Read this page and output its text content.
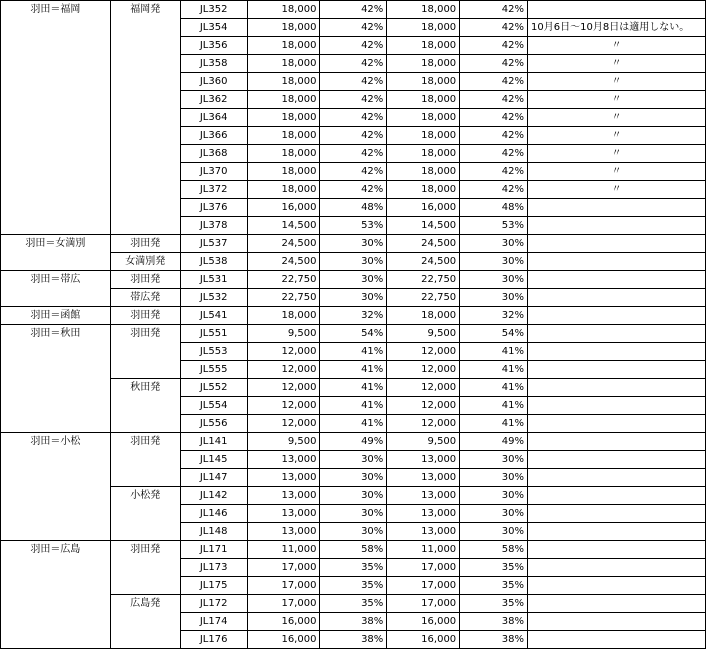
羽田＝福岡	福岡発	JL352	18,000	42%	18,000	42%	
		JL354	18,000	42%	18,000	42%	10月6日～10月8日は適用しない。
		JL356	18,000	42%	18,000	42%	〃
		JL358	18,000	42%	18,000	42%	〃
		JL360	18,000	42%	18,000	42%	〃
		JL362	18,000	42%	18,000	42%	〃
		JL364	18,000	42%	18,000	42%	〃
		JL366	18,000	42%	18,000	42%	〃
		JL368	18,000	42%	18,000	42%	〃
		JL370	18,000	42%	18,000	42%	〃
		JL372	18,000	42%	18,000	42%	〃
		JL376	16,000	48%	16,000	48%	
		JL378	14,500	53%	14,500	53%	
羽田＝女満別	羽田発	JL537	24,500	30%	24,500	30%	
	女満別発	JL538	24,500	30%	24,500	30%	
羽田＝帯広	羽田発	JL531	22,750	30%	22,750	30%	
	帯広発	JL532	22,750	30%	22,750	30%	
羽田＝函館	羽田発	JL541	18,000	32%	18,000	32%	
羽田＝秋田	羽田発	JL551	9,500	54%	9,500	54%	
		JL553	12,000	41%	12,000	41%	
		JL555	12,000	41%	12,000	41%	
	秋田発	JL552	12,000	41%	12,000	41%	
		JL554	12,000	41%	12,000	41%	
		JL556	12,000	41%	12,000	41%	
羽田＝小松	羽田発	JL141	9,500	49%	9,500	49%	
		JL145	13,000	30%	13,000	30%	
		JL147	13,000	30%	13,000	30%	
	小松発	JL142	13,000	30%	13,000	30%	
		JL146	13,000	30%	13,000	30%	
		JL148	13,000	30%	13,000	30%	
羽田＝広島	羽田発	JL171	11,000	58%	11,000	58%	
		JL173	17,000	35%	17,000	35%	
		JL175	17,000	35%	17,000	35%	
	広島発	JL172	17,000	35%	17,000	35%	
		JL174	16,000	38%	16,000	38%	
		JL176	16,000	38%	16,000	38%	
